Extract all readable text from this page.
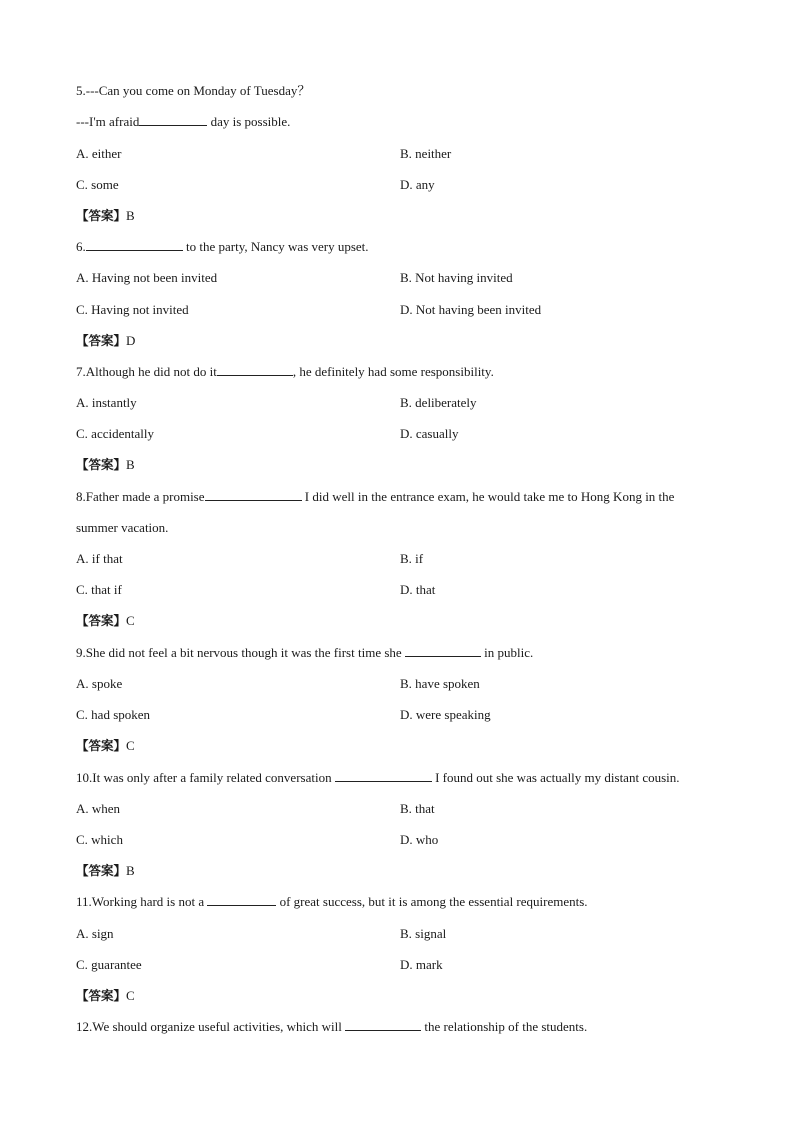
5.---Can you come on Monday of Tuesday？
---I'm afraid	day is possible.
A. either	B. neither
C. some	D. any
【答案】B
6.	to the party, Nancy was very upset.
A. Having not been invited	B. Not having invited
C. Having not invited	D. Not having been invited
【答案】D
7.Although he did not do it	, he definitely had some responsibility.
A. instantly	B. deliberately
C. accidentally	D. casually
【答案】B
8.Father made a promise	I did well in the entrance exam, he would take me to Hong Kong in the
summer vacation.
A. if that	B. if
C. that if	D. that
【答案】C
9.She did not feel a bit nervous though it was the first time she	in public.
A. spoke	B. have spoken
C. had spoken	D. were speaking
【答案】C
10.It was only after a family related conversation	I found out she was actually my distant cousin.
A. when	B. that
C. which	D. who
【答案】B
11.Working hard is not a	of great success, but it is among the essential requirements.
A. sign	B. signal
C. guarantee	D. mark
【答案】C
12.We should organize useful activities, which will	the relationship of the students.
